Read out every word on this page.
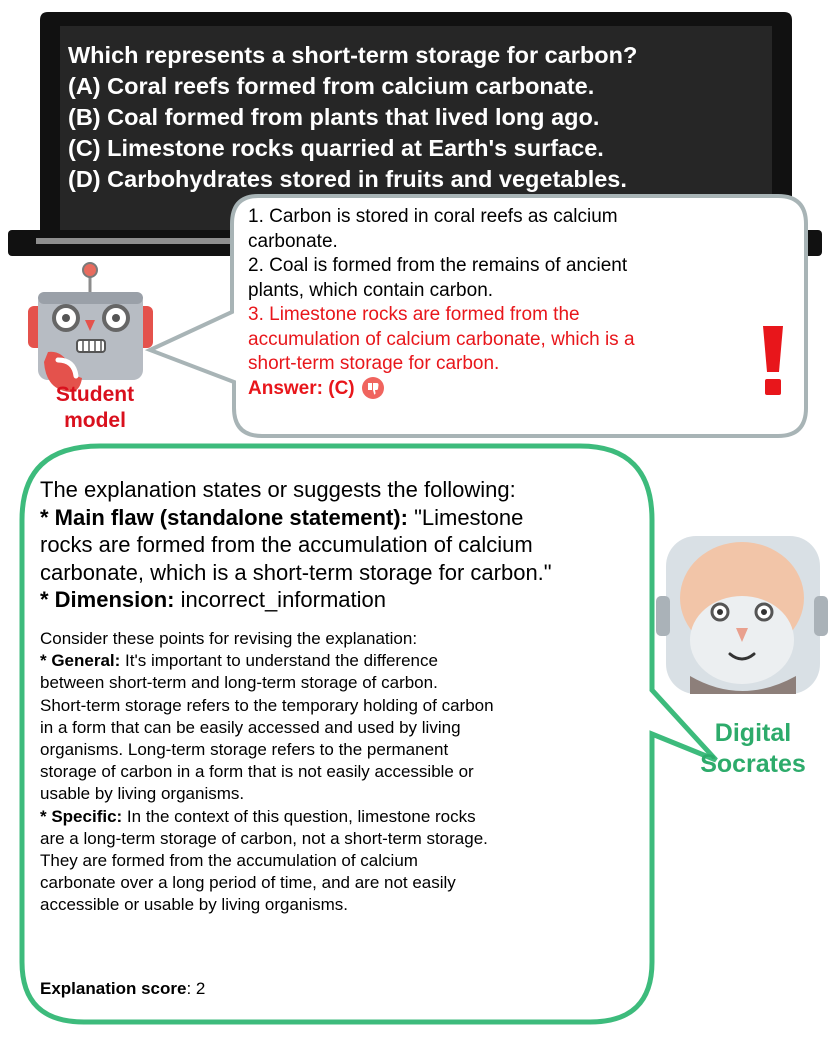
Which represents a short-term storage for carbon?
(A) Coral reefs formed from calcium carbonate.
(B) Coal formed from plants that lived long ago.
(C) Limestone rocks quarried at Earth's surface.
(D) Carbohydrates stored in fruits and vegetables.
1. Carbon is stored in coral reefs as calcium
carbonate.
2. Coal is formed from the remains of ancient
plants, which contain carbon.
3. Limestone rocks are formed from the
accumulation of calcium carbonate, which is a
short-term storage for carbon.
Answer: (C)
Student
model
The explanation states or suggests the following:
* Main flaw (standalone statement): "Limestone
rocks are formed from the accumulation of calcium
carbonate, which is a short-term storage for carbon."
* Dimension: incorrect_information
Consider these points for revising the explanation:
* General: It's important to understand the difference
between short-term and long-term storage of carbon.
Short-term storage refers to the temporary holding of carbon
in a form that can be easily accessed and used by living
organisms. Long-term storage refers to the permanent
storage of carbon in a form that is not easily accessible or
usable by living organisms.
* Specific: In the context of this question, limestone rocks
are a long-term storage of carbon, not a short-term storage.
They are formed from the accumulation of calcium
carbonate over a long period of time, and are not easily
accessible or usable by living organisms.
Explanation score: 2
Digital
Socrates
